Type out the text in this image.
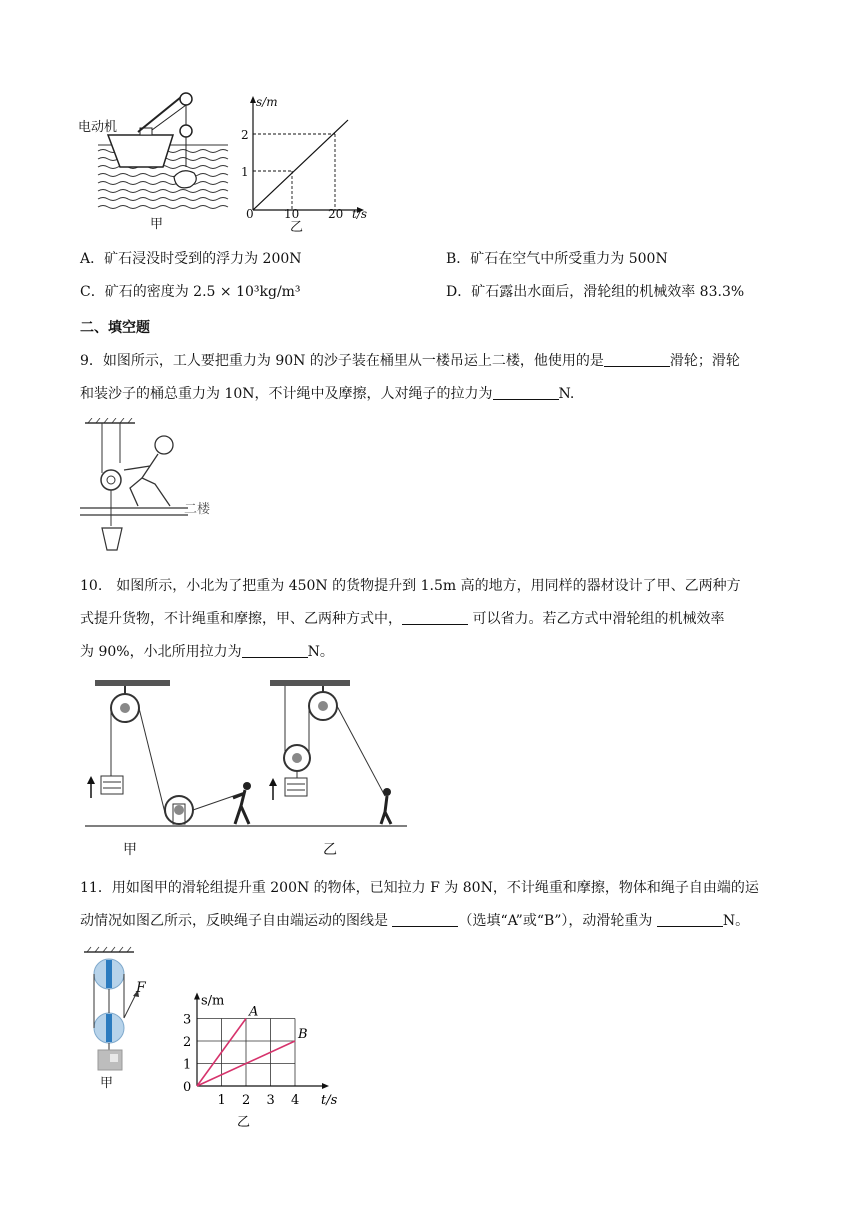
电动机
甲
s/m
t/s
0	10 20
1
2
乙
A．矿石浸没时受到的浮力为 200N	B．矿石在空气中所受重力为 500N
C．矿石的密度为 2.5 × 10³kg/m³	D．矿石露出水面后，滑轮组的机械效率 83.3%
二、填空题
9．如图所示，工人要把重力为 90N 的沙子装在桶里从一楼吊运上二楼，他使用的是	滑轮；滑轮
和装沙子的桶总重力为 10N，不计绳中及摩擦，人对绳子的拉力为	N.
二楼
10.　如图所示，小北为了把重为 450N 的货物提升到 1.5m 高的地方，用同样的器材设计了甲、乙两种方
式提升货物，不计绳重和摩擦，甲、乙两种方式中，	可以省力。若乙方式中滑轮组的机械效率
为 90%，小北所用拉力为	N。
甲	乙
11．用如图甲的滑轮组提升重 200N 的物体，已知拉力 F 为 80N，不计绳重和摩擦，物体和绳子自由端的运
动情况如图乙所示，反映绳子自由端运动的图线是	（选填“A”或“B”），动滑轮重为	N。
F
甲
1 2 3 4
1
2
3
0
s/m
t/s
A
B
乙
